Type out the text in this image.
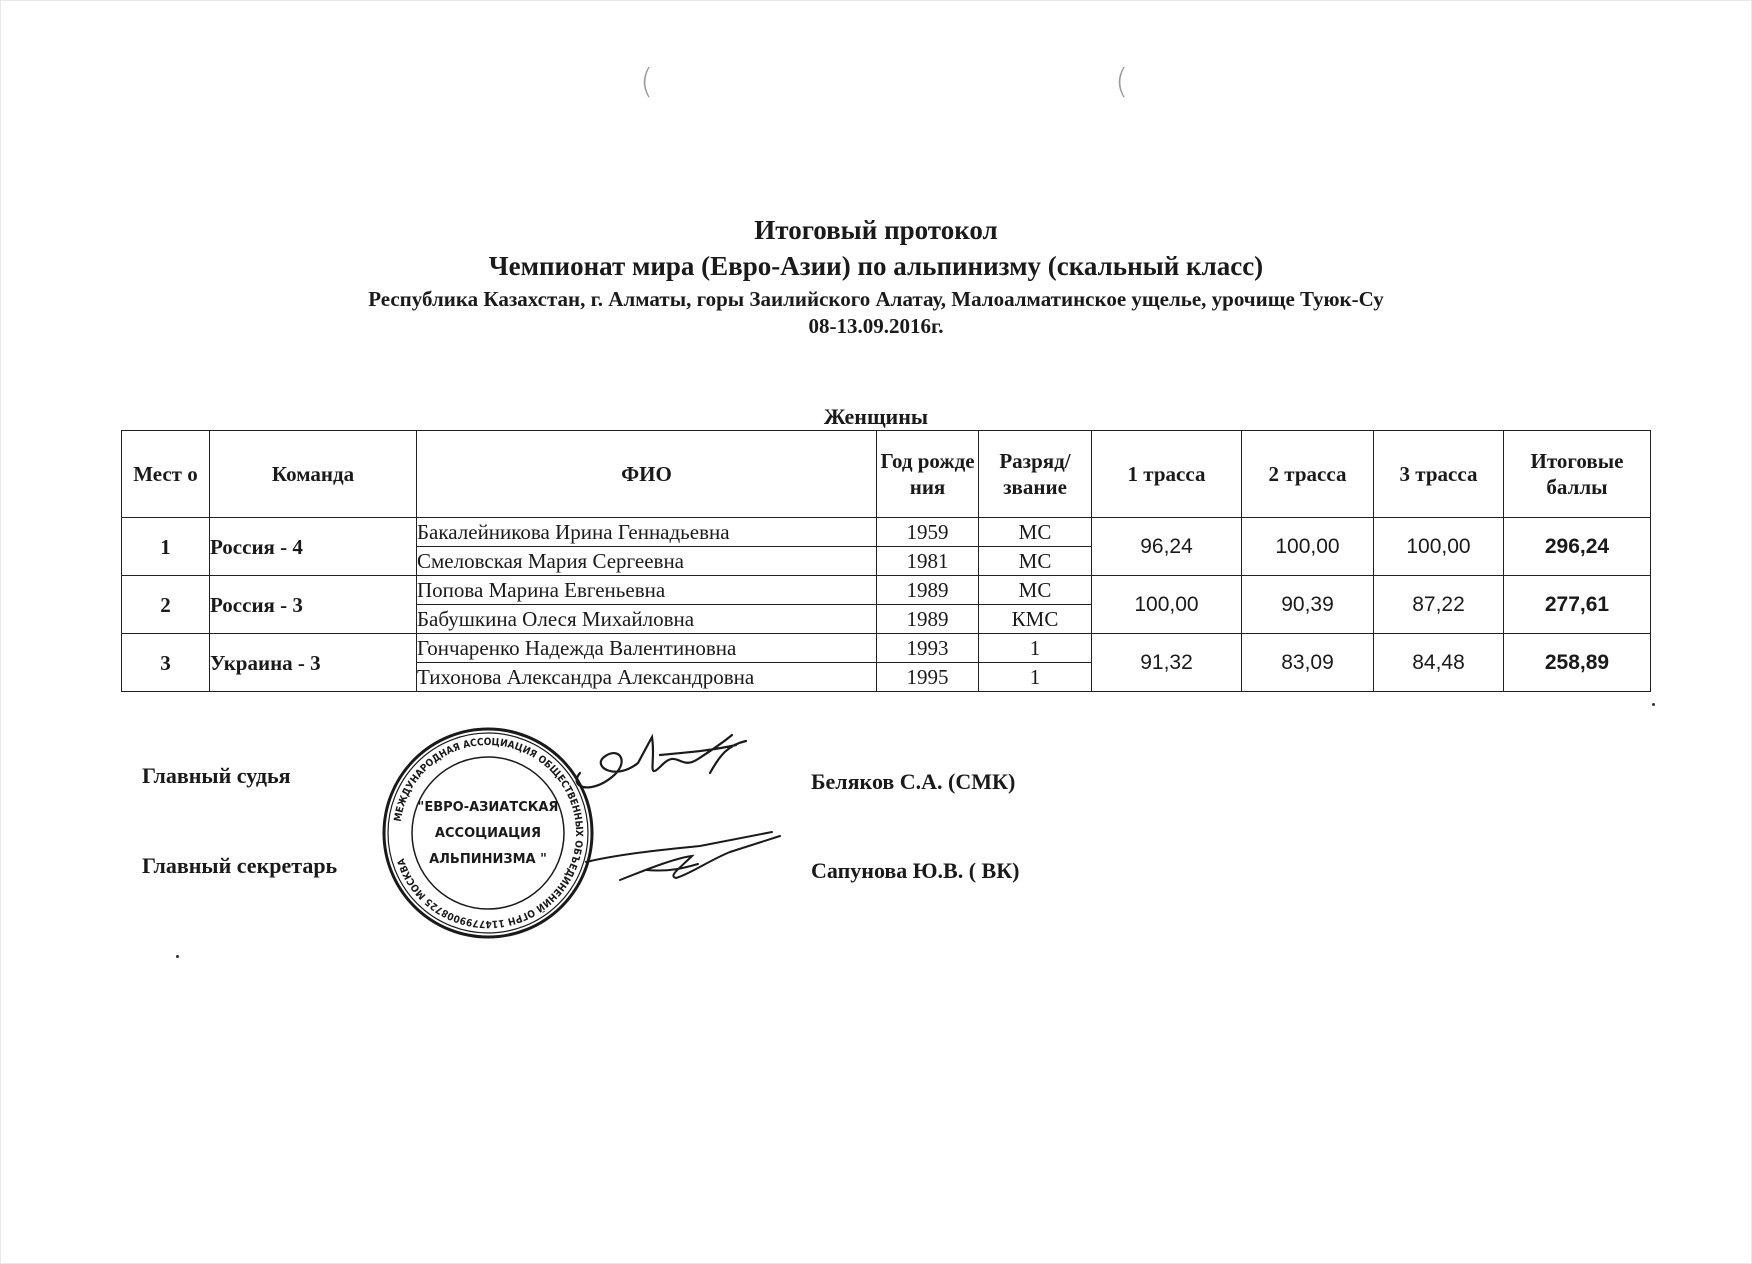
(	(
Итоговый протокол
Чемпионат мира (Евро-Азии) по альпинизму (скальный класс)
Республика Казахстан, г. Алматы, горы Заилийского Алатау, Малоалматинское ущелье, урочище Туюк-Су
08-13.09.2016г.
Женщины
Мест о	Команда	ФИО	Год рожде ния	Разряд/ звание	1 трасса	2 трасса	3 трасса	Итоговые баллы
1	Россия - 4	Бакалейникова Ирина Геннадьевна	1959	МС	96,24	100,00	100,00	296,24
		Смеловская Мария Сергеевна	1981	МС				
2	Россия - 3	Попова Марина Евгеньевна	1989	МС	100,00	90,39	87,22	277,61
		Бабушкина Олеся Михайловна	1989	КМС				
3	Украина - 3	Гончаренко Надежда Валентиновна	1993	1	91,32	83,09	84,48	258,89
		Тихонова Александра Александровна	1995	1				
Главный судья
Главный секретарь
Беляков С.А. (СМК)
Сапунова Ю.В. ( ВК)
МЕЖДУНАРОДНАЯ АССОЦИАЦИЯ ОБЩЕСТВЕННЫХ ОБЪЕДИНЕНИЙ ОГРН 1147799008725 МОСКВА
"ЕВРО-АЗИАТСКАЯ
АССОЦИАЦИЯ
АЛЬПИНИЗМА "
